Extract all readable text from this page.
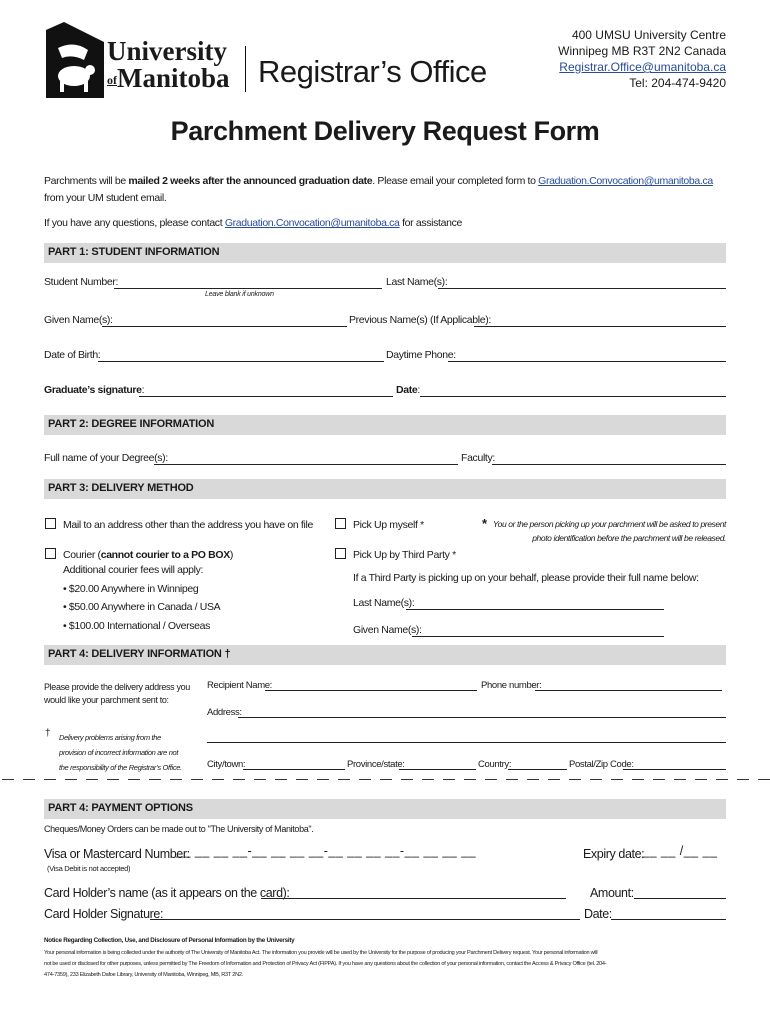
University
ofManitoba Registrar’s Office
400 UMSU University Centre
Winnipeg MB R3T 2N2 Canada
Registrar.Office@umanitoba.ca
Tel: 204-474-9420
Parchment Delivery Request Form
Parchments will be mailed 2 weeks after the announced graduation date. Please email your completed form to Graduation.Convocation@umanitoba.ca
from your UM student email.
If you have any questions, please contact Graduation.Convocation@umanitoba.ca for assistance
PART 1: STUDENT INFORMATION
Student Number:
Leave blank if unknown
Last Name(s):
Given Name(s):	Previous Name(s) (If Applicable):
Date of Birth:	Daytime Phone:
Graduate’s signature:	Date:
PART 2: DEGREE INFORMATION
Full name of your Degree(s):	Faculty:
PART 3: DELIVERY METHOD
Mail to an address other than the address you have on file
Courier (cannot courier to a PO BOX)
Additional courier fees will apply:
• $20.00 Anywhere in Winnipeg
• $50.00 Anywhere in Canada / USA
• $100.00 International / Overseas
Pick Up myself *
Pick Up by Third Party *
* You or the person picking up your parchment will be asked to present
photo identification before the parchment will be released.
If a Third Party is picking up on your behalf, please provide their full name below:
Last Name(s):
Given Name(s):
PART 4: DELIVERY INFORMATION †
Please provide the delivery address you
would like your parchment sent to:
† Delivery problems arising from the
provision of incorrect information are not
the responsibility of the Registrar’s Office.
Recipient Name:	Phone number:
Address:
City/town:	Province/state:	Country:	Postal/Zip Code:
PART 4: PAYMENT OPTIONS
Cheques/Money Orders can be made out to "The University of Manitoba".
Visa or Mastercard Number:
__ __ __ __-__ __ __ __-__ __ __ __-__ __ __ __
(Visa Debit is not accepted)
Expiry date:
__ __ /__ __
Card Holder’s name (as it appears on the card):	Amount:
Card Holder Signature:	Date:
Notice Regarding Collection, Use, and Disclosure of Personal Information by the University
Your personal information is being collected under the authority of The University of Manitoba Act. The information you provide will be used by the University for the purpose of producing your Parchment Delivery request. Your personal information will
not be used or disclosed for other purposes, unless permitted by The Freedom of Information and Protection of Privacy Act (FIPPA). If you have any questions about the collection of your personal information, contact the Access & Privacy Office (tel. 204-
474-7359), 233 Elizabeth Dafoe Library, University of Manitoba, Winnipeg, MB, R3T 2N2.
